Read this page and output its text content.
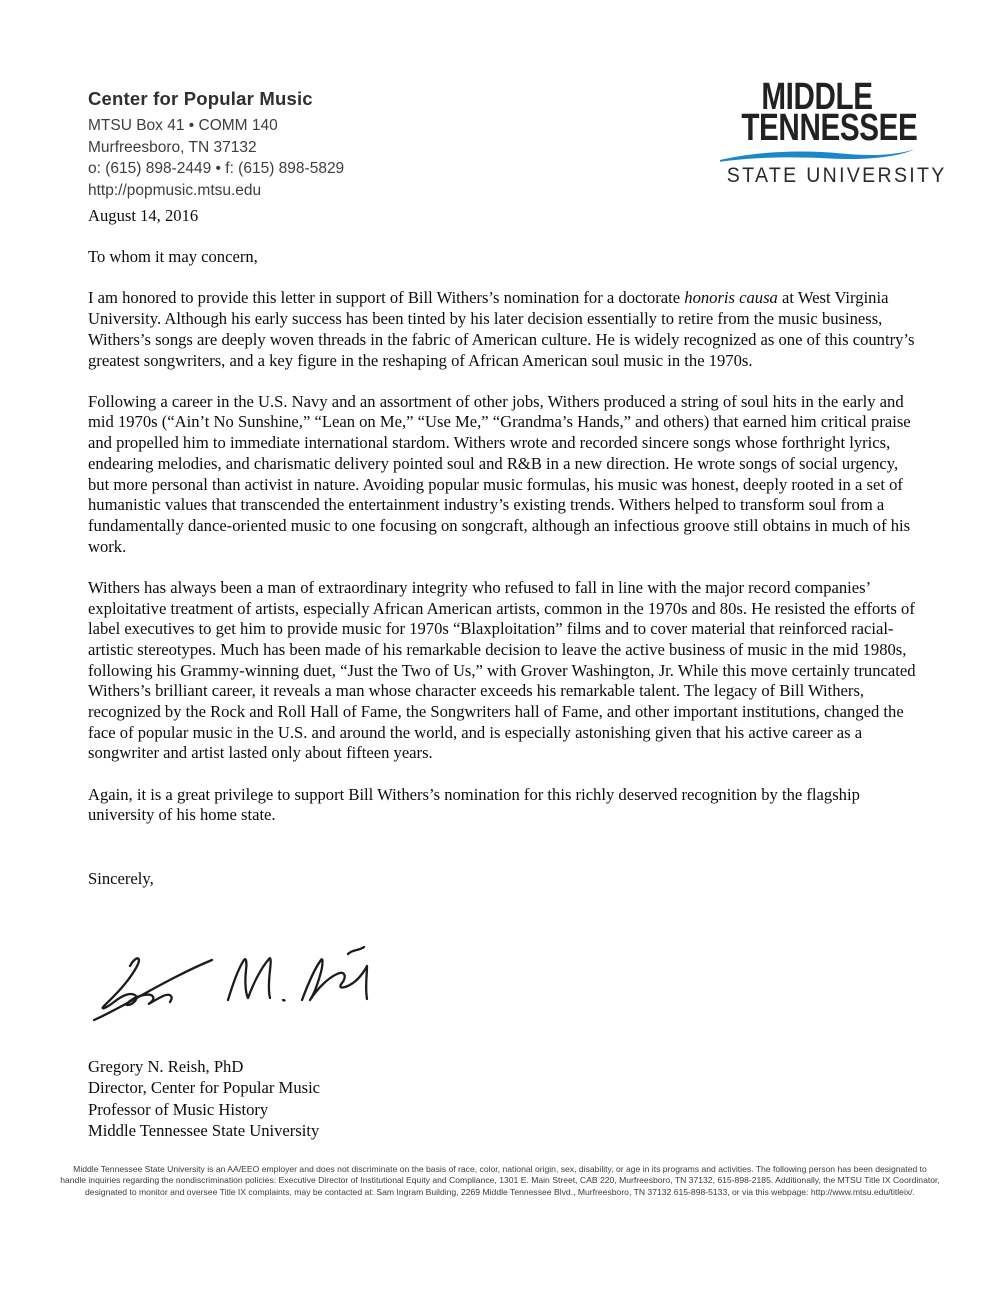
Center for Popular Music
MTSU Box 41 • COMM 140
Murfreesboro, TN 37132
o: (615) 898-2449 • f: (615) 898-5829
http://popmusic.mtsu.edu
MIDDLE
TENNESSEE
STATE UNIVERSITY

August 14, 2016

To whom it may concern,

I am honored to provide this letter in support of Bill Withers’s nomination for a doctorate honoris causa at West Virginia University. Although his early success has been tinted by his later decision essentially to retire from the music business, Withers’s songs are deeply woven threads in the fabric of American culture. He is widely recognized as one of this country’s greatest songwriters, and a key figure in the reshaping of African American soul music in the 1970s.

Following a career in the U.S. Navy and an assortment of other jobs, Withers produced a string of soul hits in the early and mid 1970s (“Ain’t No Sunshine,” “Lean on Me,” “Use Me,” “Grandma’s Hands,” and others) that earned him critical praise and propelled him to immediate international stardom. Withers wrote and recorded sincere songs whose forthright lyrics, endearing melodies, and charismatic delivery pointed soul and R&B in a new direction. He wrote songs of social urgency, but more personal than activist in nature. Avoiding popular music formulas, his music was honest, deeply rooted in a set of humanistic values that transcended the entertainment industry’s existing trends. Withers helped to transform soul from a fundamentally dance-oriented music to one focusing on songcraft, although an infectious groove still obtains in much of his work.

Withers has always been a man of extraordinary integrity who refused to fall in line with the major record companies’ exploitative treatment of artists, especially African American artists, common in the 1970s and 80s. He resisted the efforts of label executives to get him to provide music for 1970s “Blaxploitation” films and to cover material that reinforced racial-artistic stereotypes. Much has been made of his remarkable decision to leave the active business of music in the mid 1980s, following his Grammy-winning duet, “Just the Two of Us,” with Grover Washington, Jr. While this move certainly truncated Withers’s brilliant career, it reveals a man whose character exceeds his remarkable talent. The legacy of Bill Withers, recognized by the Rock and Roll Hall of Fame, the Songwriters hall of Fame, and other important institutions, changed the face of popular music in the U.S. and around the world, and is especially astonishing given that his active career as a songwriter and artist lasted only about fifteen years.

Again, it is a great privilege to support Bill Withers’s nomination for this richly deserved recognition by the flagship university of his home state.

Sincerely,

Gregory N. Reish, PhD
Director, Center for Popular Music
Professor of Music History
Middle Tennessee State University
Middle Tennessee State University is an AA/EEO employer and does not discriminate on the basis of race, color, national origin, sex, disability, or age in its programs and activities. The following person has been designated to
handle inquiries regarding the nondiscrimination policies: Executive Director of Institutional Equity and Compliance, 1301 E. Main Street, CAB 220, Murfreesboro, TN 37132, 615-898-2185. Additionally, the MTSU Title IX Coordinator,
designated to monitor and oversee Title IX complaints, may be contacted at: Sam Ingram Building, 2269 Middle Tennessee Blvd., Murfreesboro, TN 37132 615-898-5133, or via this webpage: http://www.mtsu.edu/titleix/.
